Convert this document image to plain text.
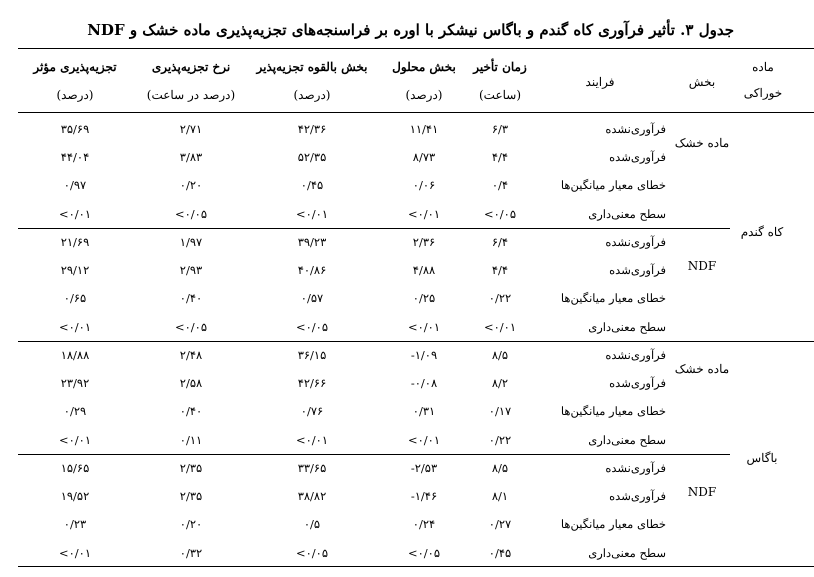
جدول ۳. تأثیر فرآوری کاه گندم و باگاس نیشکر با اوره بر فراسنجه‌های تجزیه‌پذیری ماده خشک و NDF
ماده
خوراکی
بخش
فرایند
زمان تأخیر
(ساعت)
بخش محلول
(درصد)
بخش بالقوه تجزیه‌پذیر
(درصد)
نرخ تجزیه‌پذیری
(درصد در ساعت)
تجزیه‌پذیری مؤثر
(درصد)
کاه گندم
ماده خشک
فرآوری‌نشده
۶/۳
۱۱/۴۱
۴۲/۳۶
۲/۷۱
۳۵/۶۹
فرآوری‌شده
۴/۴
۸/۷۳
۵۲/۳۵
۳/۸۳
۴۴/۰۴
خطای معیار میانگین‌ها
۰/۴
۰/۰۶
۰/۴۵
۰/۲۰
۰/۹۷
سطح معنی‌داری
<۰/۰۵
<۰/۰۱
<۰/۰۱
<۰/۰۵
<۰/۰۱
NDF
فرآوری‌نشده
۶/۴
۲/۳۶
۳۹/۲۳
۱/۹۷
۲۱/۶۹
فرآوری‌شده
۴/۴
۴/۸۸
۴۰/۸۶
۲/۹۳
۲۹/۱۲
خطای معیار میانگین‌ها
۰/۲۲
۰/۲۵
۰/۵۷
۰/۴۰
۰/۶۵
سطح معنی‌داری
<۰/۰۱
<۰/۰۱
<۰/۰۵
<۰/۰۵
<۰/۰۱
باگاس
ماده خشک
فرآوری‌نشده
۸/۵
-۱/۰۹
۳۶/۱۵
۲/۴۸
۱۸/۸۸
فرآوری‌شده
۸/۲
-۰/۰۸
۴۲/۶۶
۲/۵۸
۲۳/۹۲
خطای معیار میانگین‌ها
۰/۱۷
۰/۳۱
۰/۷۶
۰/۴۰
۰/۲۹
سطح معنی‌داری
۰/۲۲
<۰/۰۱
<۰/۰۱
۰/۱۱
<۰/۰۱
NDF
فرآوری‌نشده
۸/۵
-۲/۵۳
۳۳/۶۵
۲/۳۵
۱۵/۶۵
فرآوری‌شده
۸/۱
-۱/۴۶
۳۸/۸۲
۲/۳۵
۱۹/۵۲
خطای معیار میانگین‌ها
۰/۲۷
۰/۲۴
۰/۵
۰/۲۰
۰/۲۳
سطح معنی‌داری
۰/۴۵
<۰/۰۵
<۰/۰۵
۰/۳۲
<۰/۰۱
